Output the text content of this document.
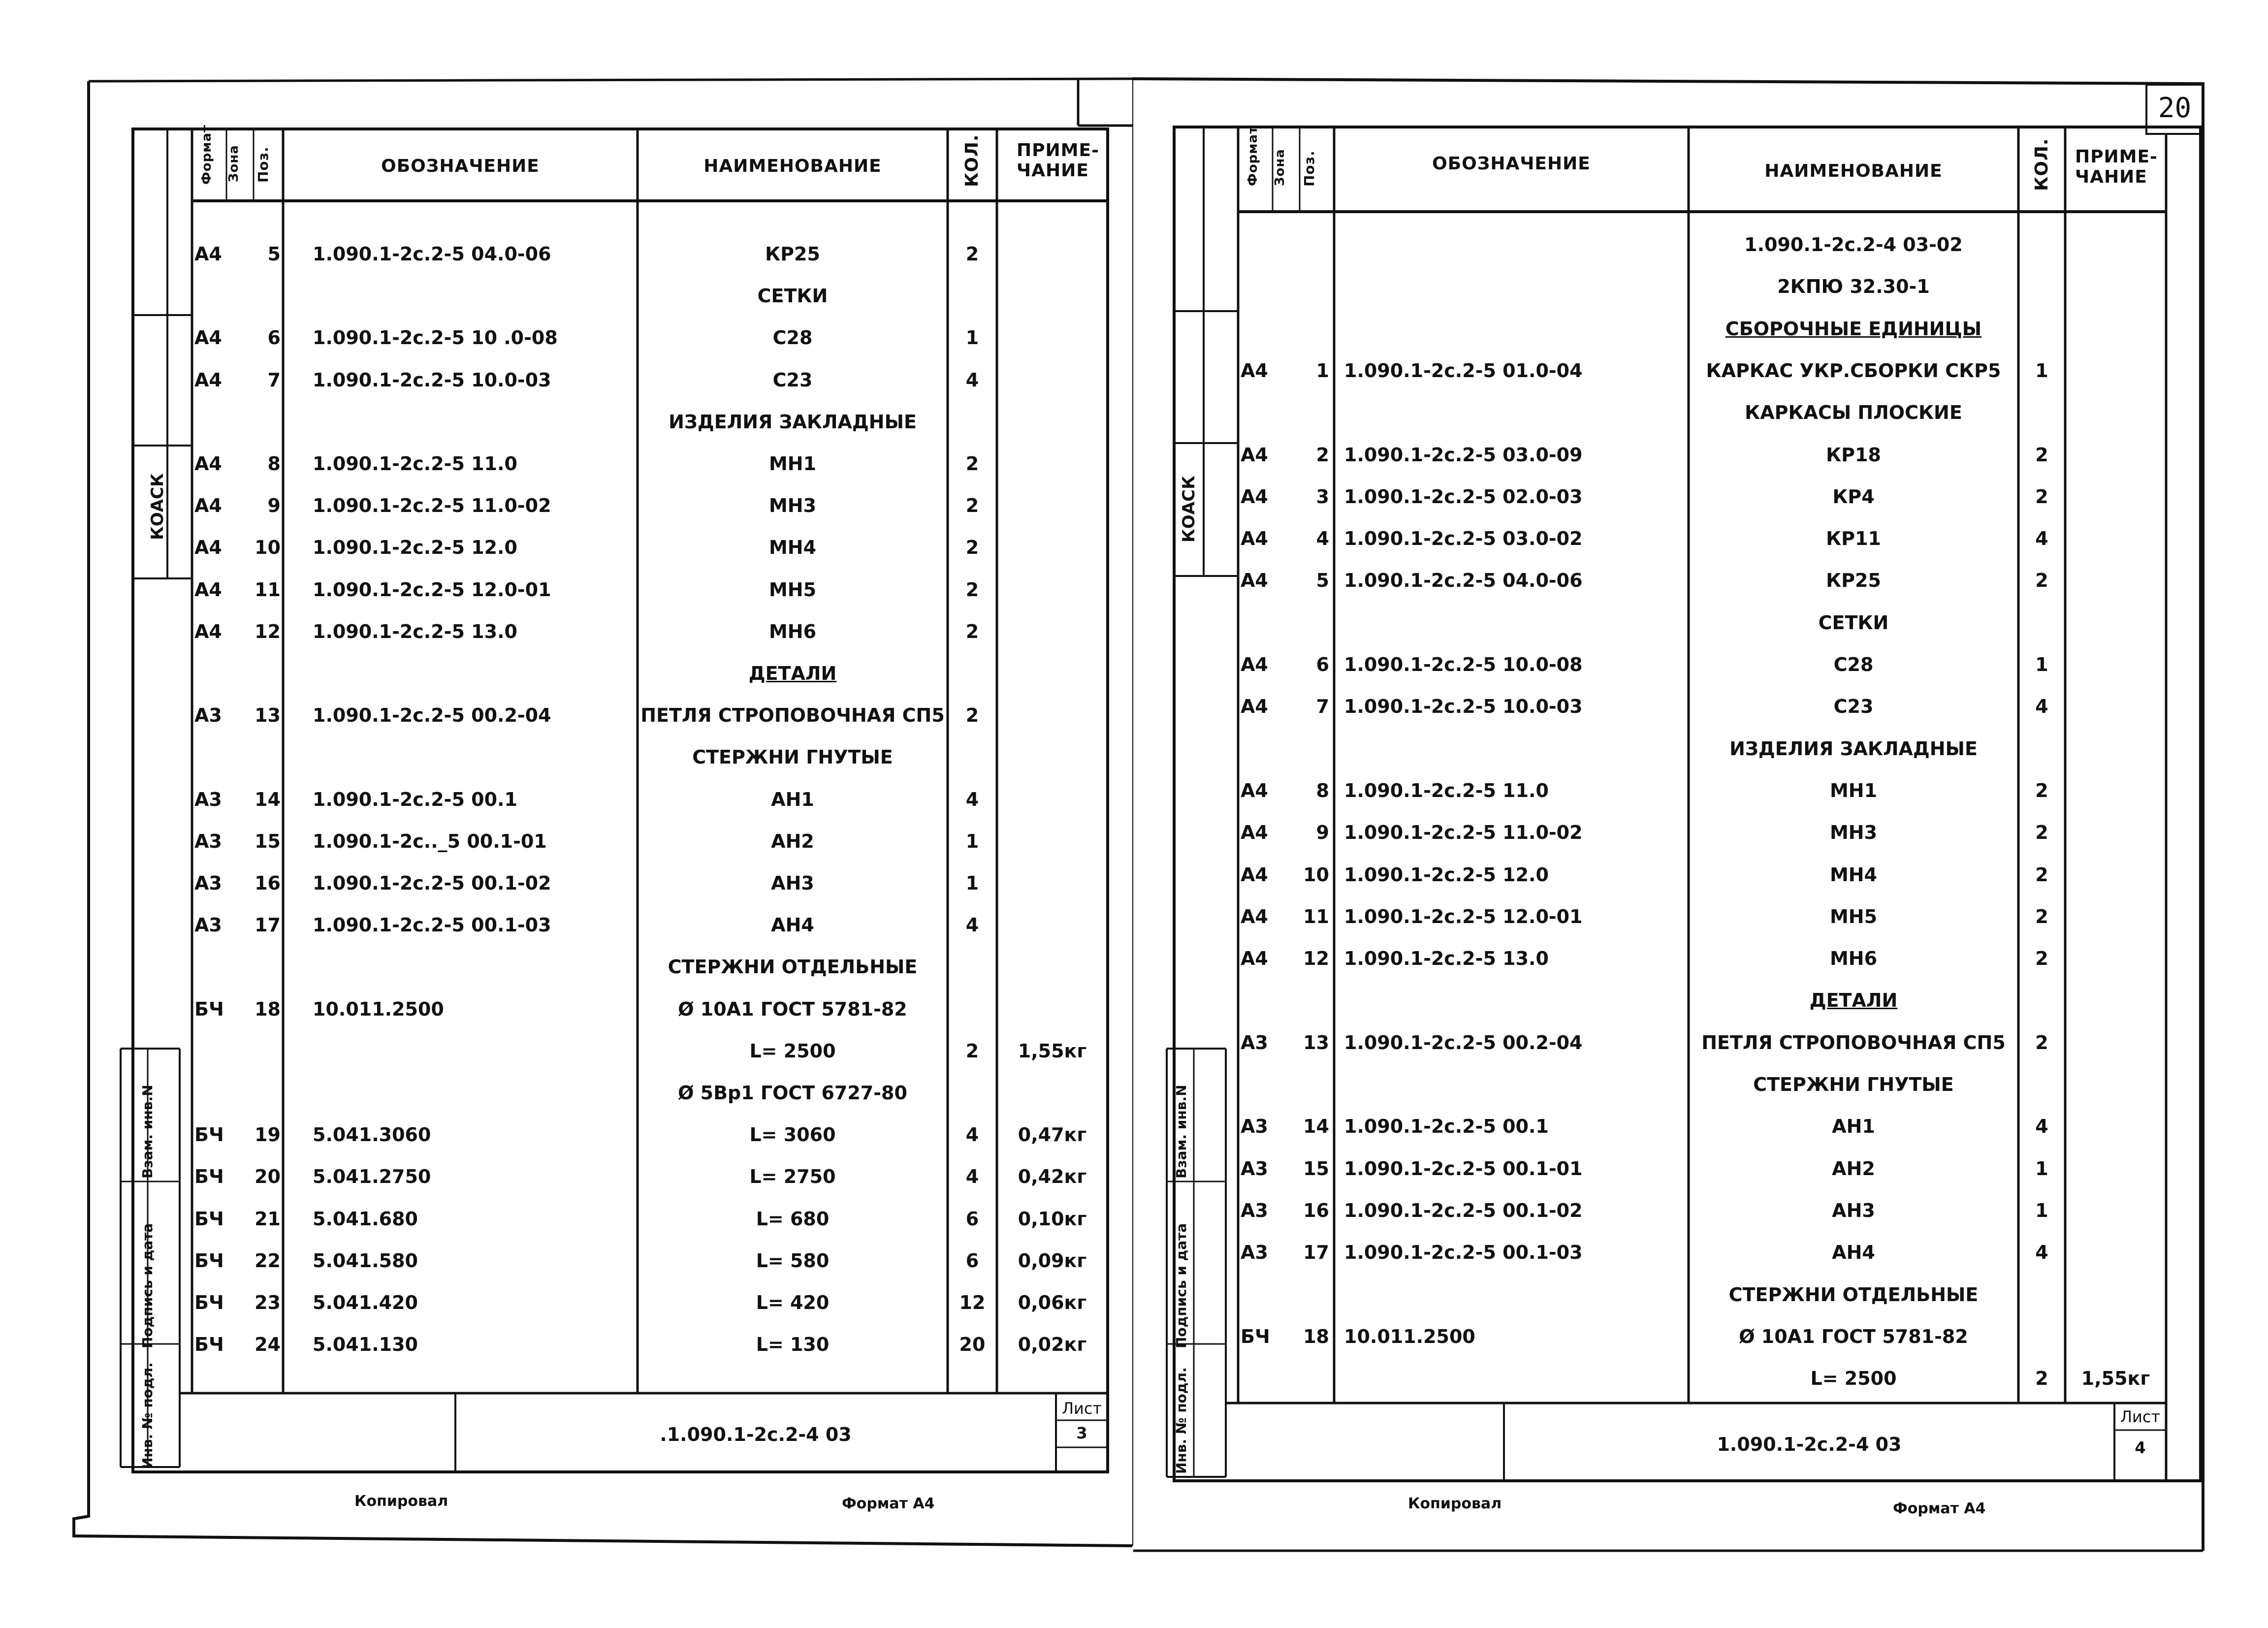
Формат Зона Поз.	ОБОЗНАЧЕНИЕ	НАИМЕНОВАНИЕ	КОЛ. ПРИМЕ-
ЧАНИЕ
КОАСК
Взам. инв.N
Подпись и дата
Инв. № подл.
А4	5 1.090.1-2с.2-5 04.0-06	КР25	2
СЕТКИ
А4	6 1.090.1-2с.2-5 10 .0-08	С28	1
А4	7 1.090.1-2с.2-5 10.0-03	С23	4
ИЗДЕЛИЯ ЗАКЛАДНЫЕ
А4	8 1.090.1-2с.2-5 11.0	МН1	2
А4	9 1.090.1-2с.2-5 11.0-02	МН3	2
А4	10 1.090.1-2с.2-5 12.0	МН4	2
А4	11 1.090.1-2с.2-5 12.0-01	МН5	2
А4	12 1.090.1-2с.2-5 13.0	МН6	2
ДЕТАЛИ
А3	13 1.090.1-2с.2-5 00.2-04	ПЕТЛЯ СТРОПОВОЧНАЯ СП5	2
СТЕРЖНИ ГНУТЫЕ
А3	14 1.090.1-2с.2-5 00.1	АН1	4
А3	15 1.090.1-2с.._5 00.1-01	АН2	1
А3	16 1.090.1-2с.2-5 00.1-02	АН3	1
А3	17 1.090.1-2с.2-5 00.1-03	АН4	4
СТЕРЖНИ ОТДЕЛЬНЫЕ
БЧ	18 10.011.2500	Ø 10А1 ГОСТ 5781-82
L= 2500	2	1,55кг
Ø 5Вр1 ГОСТ 6727-80
БЧ	19 5.041.3060	L= 3060	4	0,47кг
БЧ	20 5.041.2750	L= 2750	4	0,42кг
БЧ	21 5.041.680	L= 680	6	0,10кг
БЧ	22 5.041.580	L= 580	6	0,09кг
БЧ	23 5.041.420	L= 420	12	0,06кг
БЧ	24 5.041.130	L= 130	20	0,02кг
.1.090.1-2с.2-4 03
Лист
3
Копировал	Формат А4
20
Формат Зона Поз.	ОБОЗНАЧЕНИЕ	НАИМЕНОВАНИЕ	КОЛ. ПРИМЕ-
ЧАНИЕ
КОАСК
Взам. инв.N
Подпись и дата
Инв. № подл.
1.090.1-2с.2-4 03-02
2КПЮ 32.30-1
СБОРОЧНЫЕ ЕДИНИЦЫ
А4	1 1.090.1-2с.2-5 01.0-04	КАРКАС УКР.СБОРКИ СКР5	1
КАРКАСЫ ПЛОСКИЕ
А4	2 1.090.1-2с.2-5 03.0-09	КР18	2
А4	3 1.090.1-2с.2-5 02.0-03	КР4	2
А4	4 1.090.1-2с.2-5 03.0-02	КР11	4
А4	5 1.090.1-2с.2-5 04.0-06	КР25	2
СЕТКИ
А4	6 1.090.1-2с.2-5 10.0-08	С28	1
А4	7 1.090.1-2с.2-5 10.0-03	С23	4
ИЗДЕЛИЯ ЗАКЛАДНЫЕ
А4	8 1.090.1-2с.2-5 11.0	МН1	2
А4	9 1.090.1-2с.2-5 11.0-02	МН3	2
А4	10 1.090.1-2с.2-5 12.0	МН4	2
А4	11 1.090.1-2с.2-5 12.0-01	МН5	2
А4	12 1.090.1-2с.2-5 13.0	МН6	2
ДЕТАЛИ
А3	13 1.090.1-2с.2-5 00.2-04	ПЕТЛЯ СТРОПОВОЧНАЯ СП5	2
СТЕРЖНИ ГНУТЫЕ
А3	14 1.090.1-2с.2-5 00.1	АН1	4
А3	15 1.090.1-2с.2-5 00.1-01	АН2	1
А3	16 1.090.1-2с.2-5 00.1-02	АН3	1
А3	17 1.090.1-2с.2-5 00.1-03	АН4	4
СТЕРЖНИ ОТДЕЛЬНЫЕ
БЧ	18 10.011.2500	Ø 10А1 ГОСТ 5781-82
L= 2500	2	1,55кг
1.090.1-2с.2-4 03
Лист
4
Копировал	Формат А4
